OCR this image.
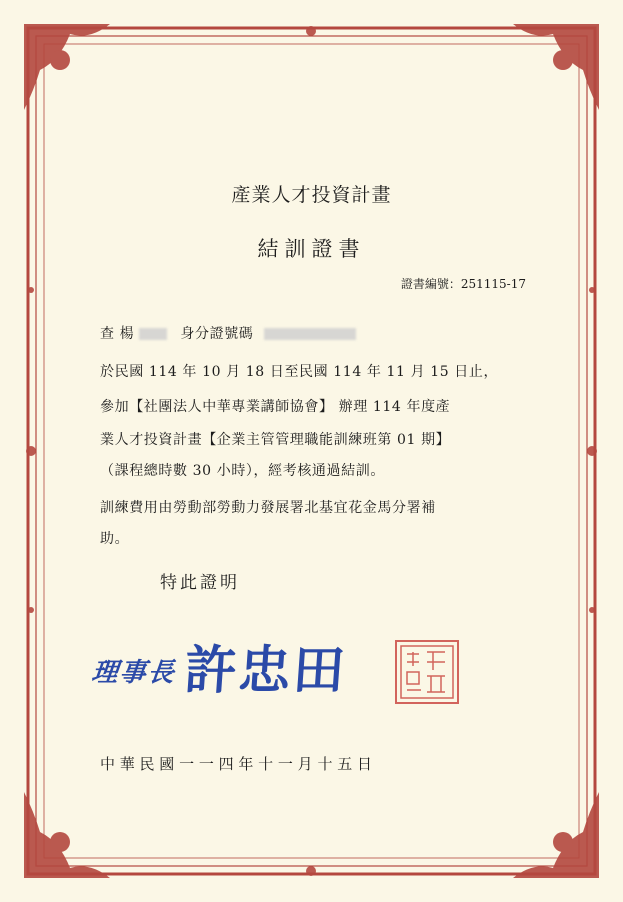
產業人才投資計畫
結訓證書
證書編號：251115-17
查 楊	身分證號碼
於民國 114 年 10 月 18 日至民國 114 年 11 月 15 日止，
參加【社團法人中華專業講師協會】 辦理 114 年度產
業人才投資計畫【企業主管管理職能訓練班第 01 期】
（課程總時數 30 小時），經考核通過結訓。
訓練費用由勞動部勞動力發展署北基宜花金馬分署補
助。
特此證明
理事長 許忠田
中 華 民 國 一 一 四 年 十 一 月 十 五 日
